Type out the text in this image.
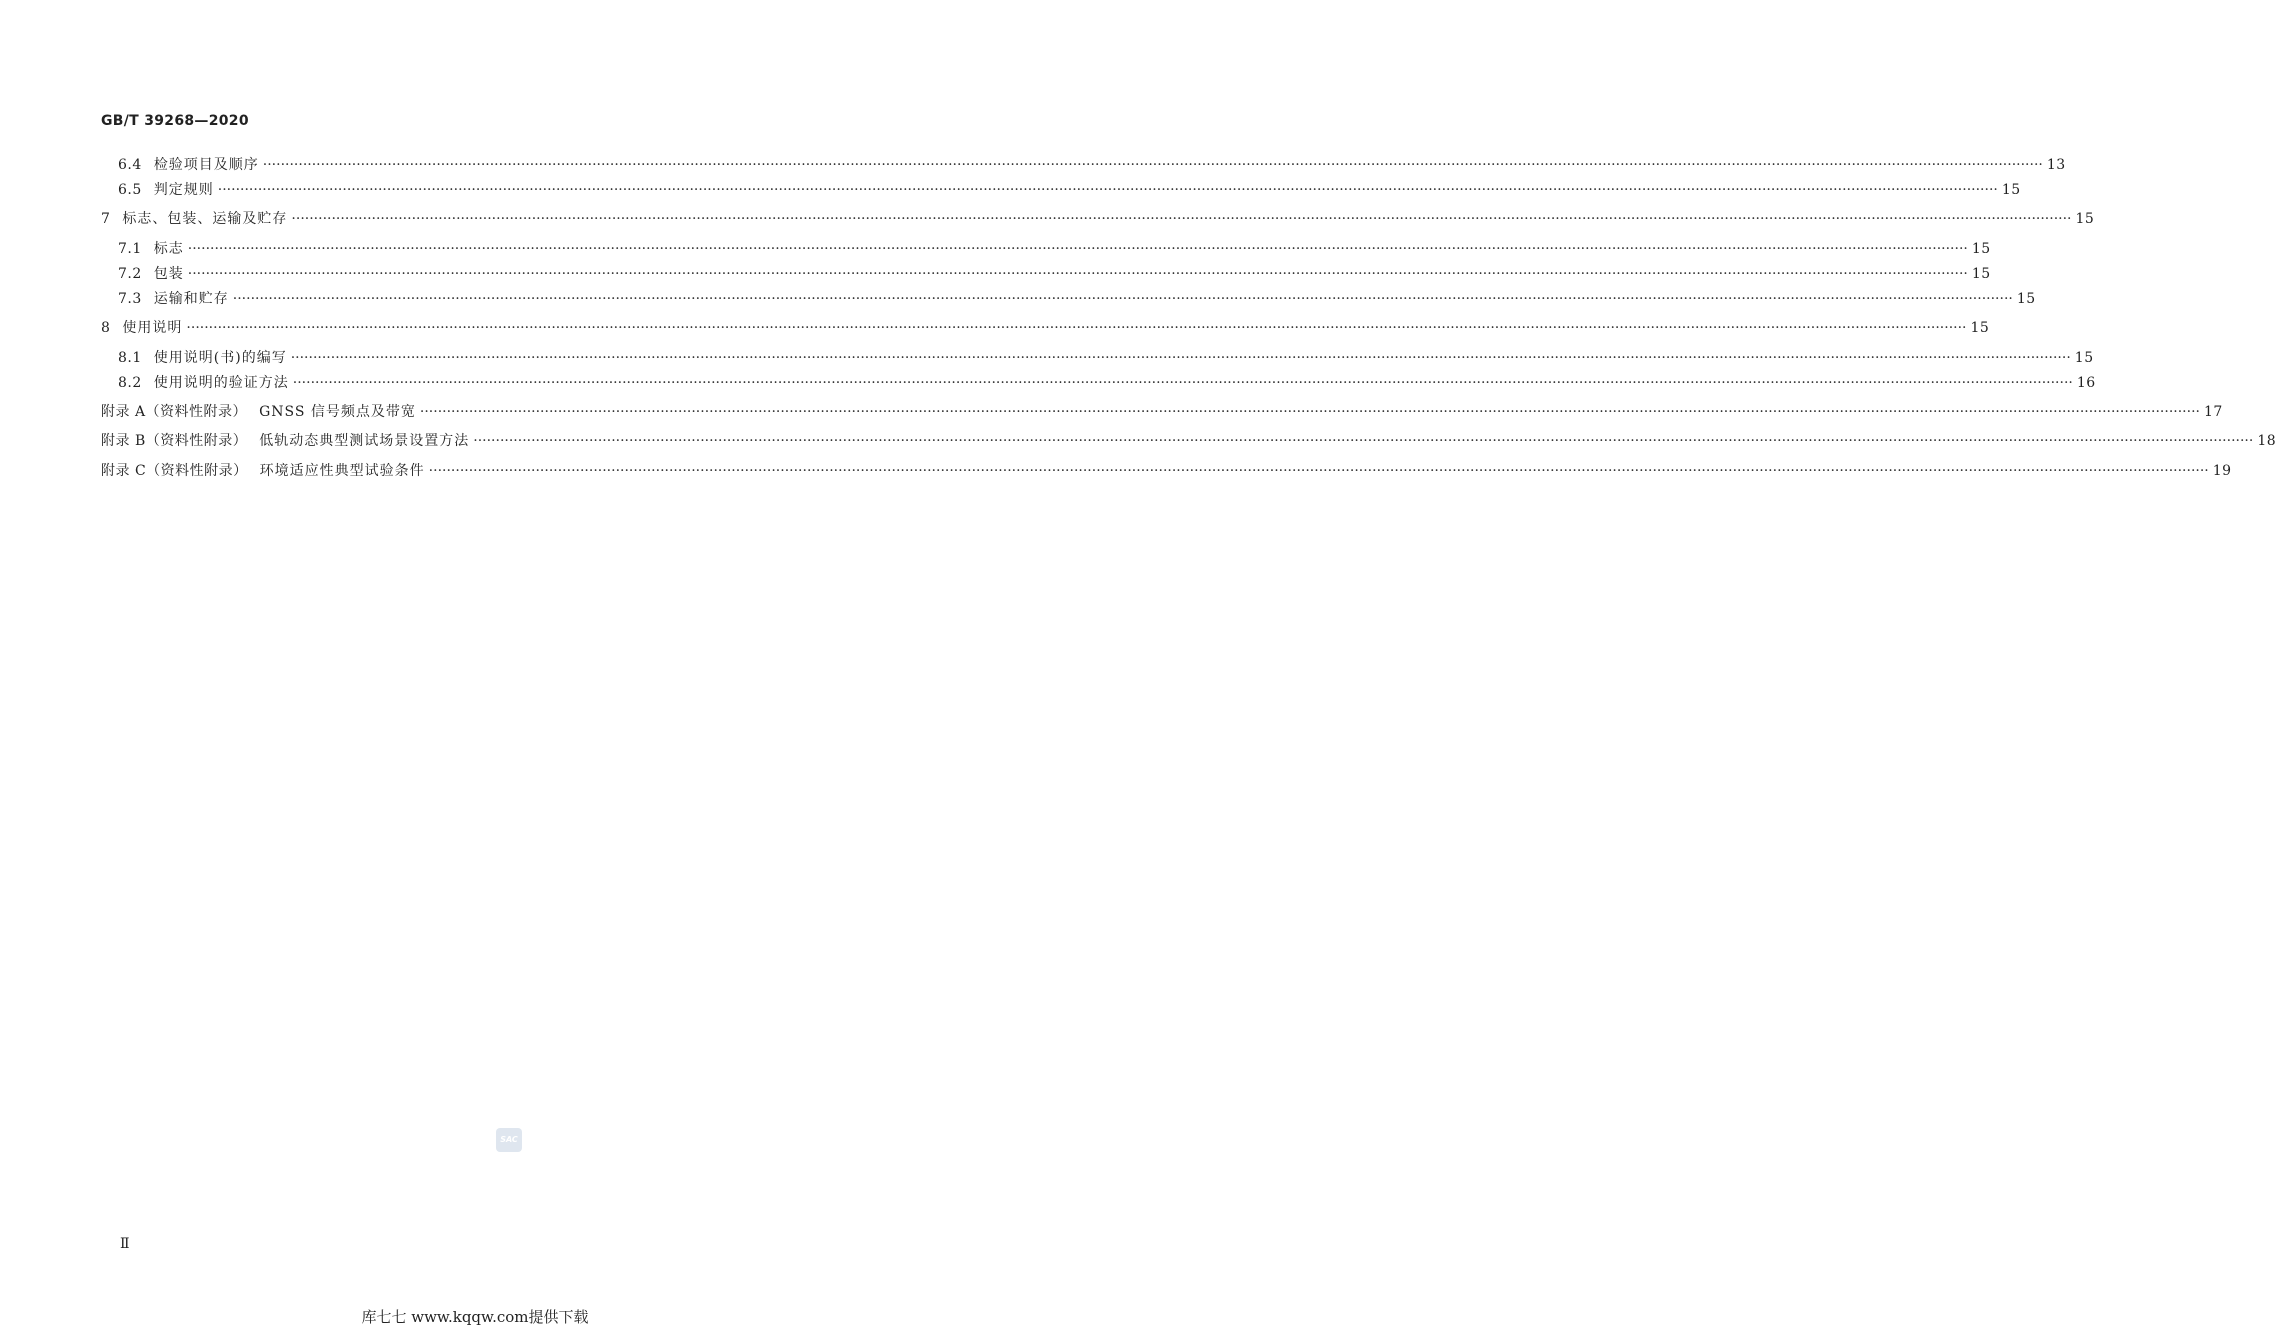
GB/T 39268—2020
6.4 检验项目及顺序 ················································································································································································································································································································································································································ 13
6.5 判定规则 ················································································································································································································································································································································································································ 15
7 标志、包装、运输及贮存 ················································································································································································································································································································································································································ 15
7.1 标志 ················································································································································································································································································································································································································ 15
7.2 包装 ················································································································································································································································································································································································································ 15
7.3 运输和贮存 ················································································································································································································································································································································································································ 15
8 使用说明 ················································································································································································································································································································································································································ 15
8.1 使用说明(书)的编写 ················································································································································································································································································································································································································ 15
8.2 使用说明的验证方法 ················································································································································································································································································································································································································ 16
附录 A（资料性附录） GNSS 信号频点及带宽 ················································································································································································································································································································································································································ 17
附录 B（资料性附录） 低轨动态典型测试场景设置方法 ················································································································································································································································································································································································································ 18
附录 C（资料性附录） 环境适应性典型试验条件 ················································································································································································································································································································································································································ 19
SAC
Ⅱ
库七七 www.kqqw.com提供下载
